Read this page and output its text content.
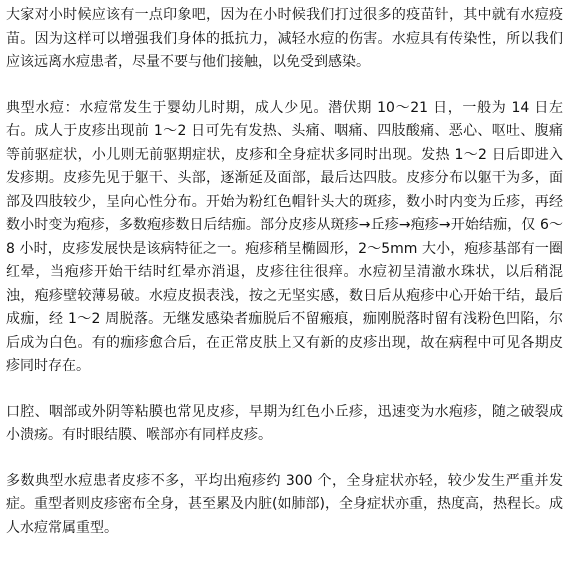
大家对小时候应该有一点印象吧，因为在小时候我们打过很多的疫苗针，其中就有水痘疫苗。因为这样可以增强我们身体的抵抗力，减轻水痘的伤害。水痘具有传染性，所以我们应该远离水痘患者，尽量不要与他们接触，以免受到感染。

典型水痘：水痘常发生于婴幼儿时期，成人少见。潜伏期 10～21 日，一般为 14 日左右。成人于皮疹出现前 1～2 日可先有发热、头痛、咽痛、四肢酸痛、恶心、呕吐、腹痛等前驱症状，小儿则无前驱期症状，皮疹和全身症状多同时出现。发热 1～2 日后即进入发疹期。皮疹先见于躯干、头部，逐渐延及面部，最后达四肢。皮疹分布以躯干为多，面部及四肢较少，呈向心性分布。开始为粉红色帽针头大的斑疹，数小时内变为丘疹，再经数小时变为疱疹，多数疱疹数日后结痂。部分皮疹从斑疹→丘疹→疱疹→开始结痂，仅 6～8 小时，皮疹发展快是该病特征之一。疱疹稍呈椭圆形，2～5mm 大小，疱疹基部有一圈红晕，当疱疹开始干结时红晕亦消退，皮疹往往很痒。水痘初呈清澈水珠状，以后稍混浊，疱疹壁较薄易破。水痘皮损表浅，按之无坚实感，数日后从疱疹中心开始干结，最后成痂，经 1～2 周脱落。无继发感染者痂脱后不留瘢痕，痂刚脱落时留有浅粉色凹陷，尔后成为白色。有的痂疹愈合后，在正常皮肤上又有新的皮疹出现，故在病程中可见各期皮疹同时存在。

口腔、咽部或外阴等粘膜也常见皮疹，早期为红色小丘疹，迅速变为水疱疹，随之破裂成小溃疡。有时眼结膜、喉部亦有同样皮疹。

多数典型水痘患者皮疹不多，平均出疱疹约 300 个，全身症状亦轻，较少发生严重并发症。重型者则皮疹密布全身，甚至累及内脏(如肺部)，全身症状亦重，热度高，热程长。成人水痘常属重型。
